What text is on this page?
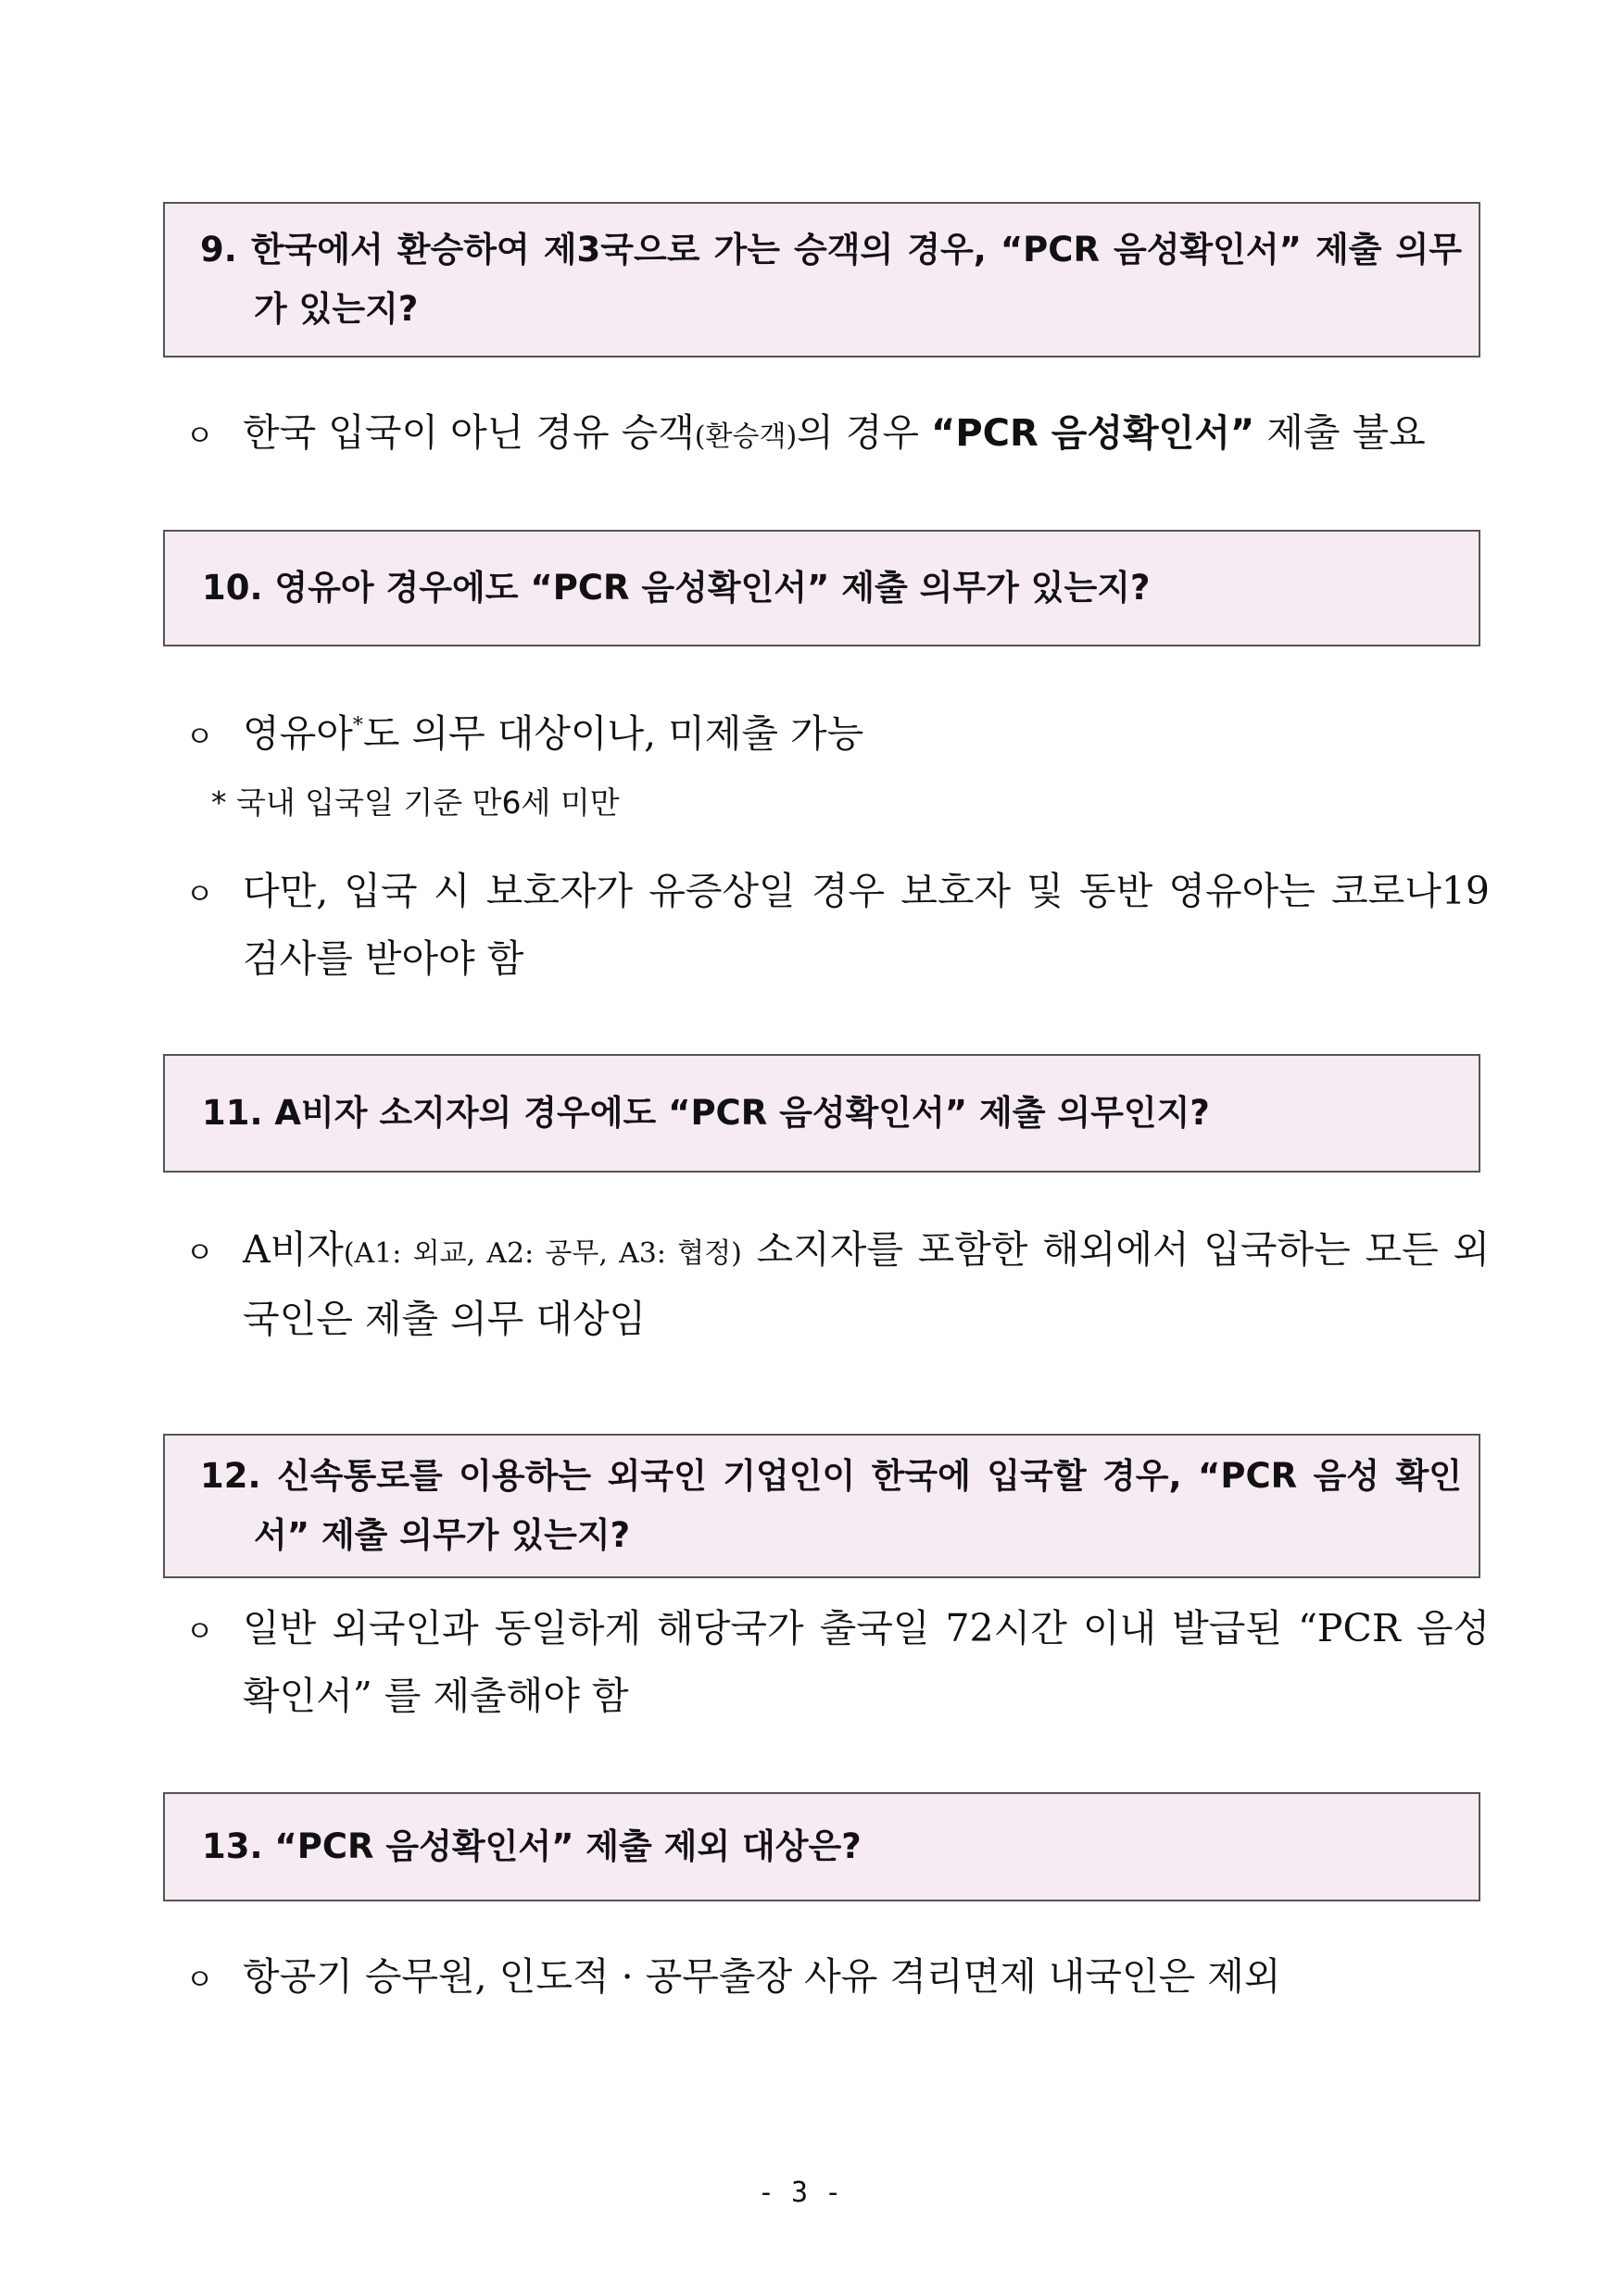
9. 한국에서 환승하여 제3국으로 가는 승객의 경우, “PCR 음성확인서” 제출 의무가 있는지?
ㅇ 한국 입국이 아닌 경유 승객(환승객)의 경우 “PCR 음성확인서” 제출 불요
10. 영유아 경우에도 “PCR 음성확인서” 제출 의무가 있는지?
ㅇ 영유아*도 의무 대상이나, 미제출 가능
* 국내 입국일 기준 만6세 미만
ㅇ 다만, 입국 시 보호자가 유증상일 경우 보호자 및 동반 영유아는 코로나19 검사를 받아야 함
11. A비자 소지자의 경우에도 “PCR 음성확인서” 제출 의무인지?
ㅇ A비자(A1: 외교, A2: 공무, A3: 협정) 소지자를 포함한 해외에서 입국하는 모든 외국인은 제출 의무 대상임
12. 신속통로를 이용하는 외국인 기업인이 한국에 입국할 경우, “PCR 음성 확인서” 제출 의무가 있는지?
ㅇ 일반 외국인과 동일하게 해당국가 출국일 72시간 이내 발급된 “PCR 음성확인서” 를 제출해야 함
13. “PCR 음성확인서” 제출 제외 대상은?
ㅇ 항공기 승무원, 인도적 · 공무출장 사유 격리면제 내국인은 제외
- 3 -
